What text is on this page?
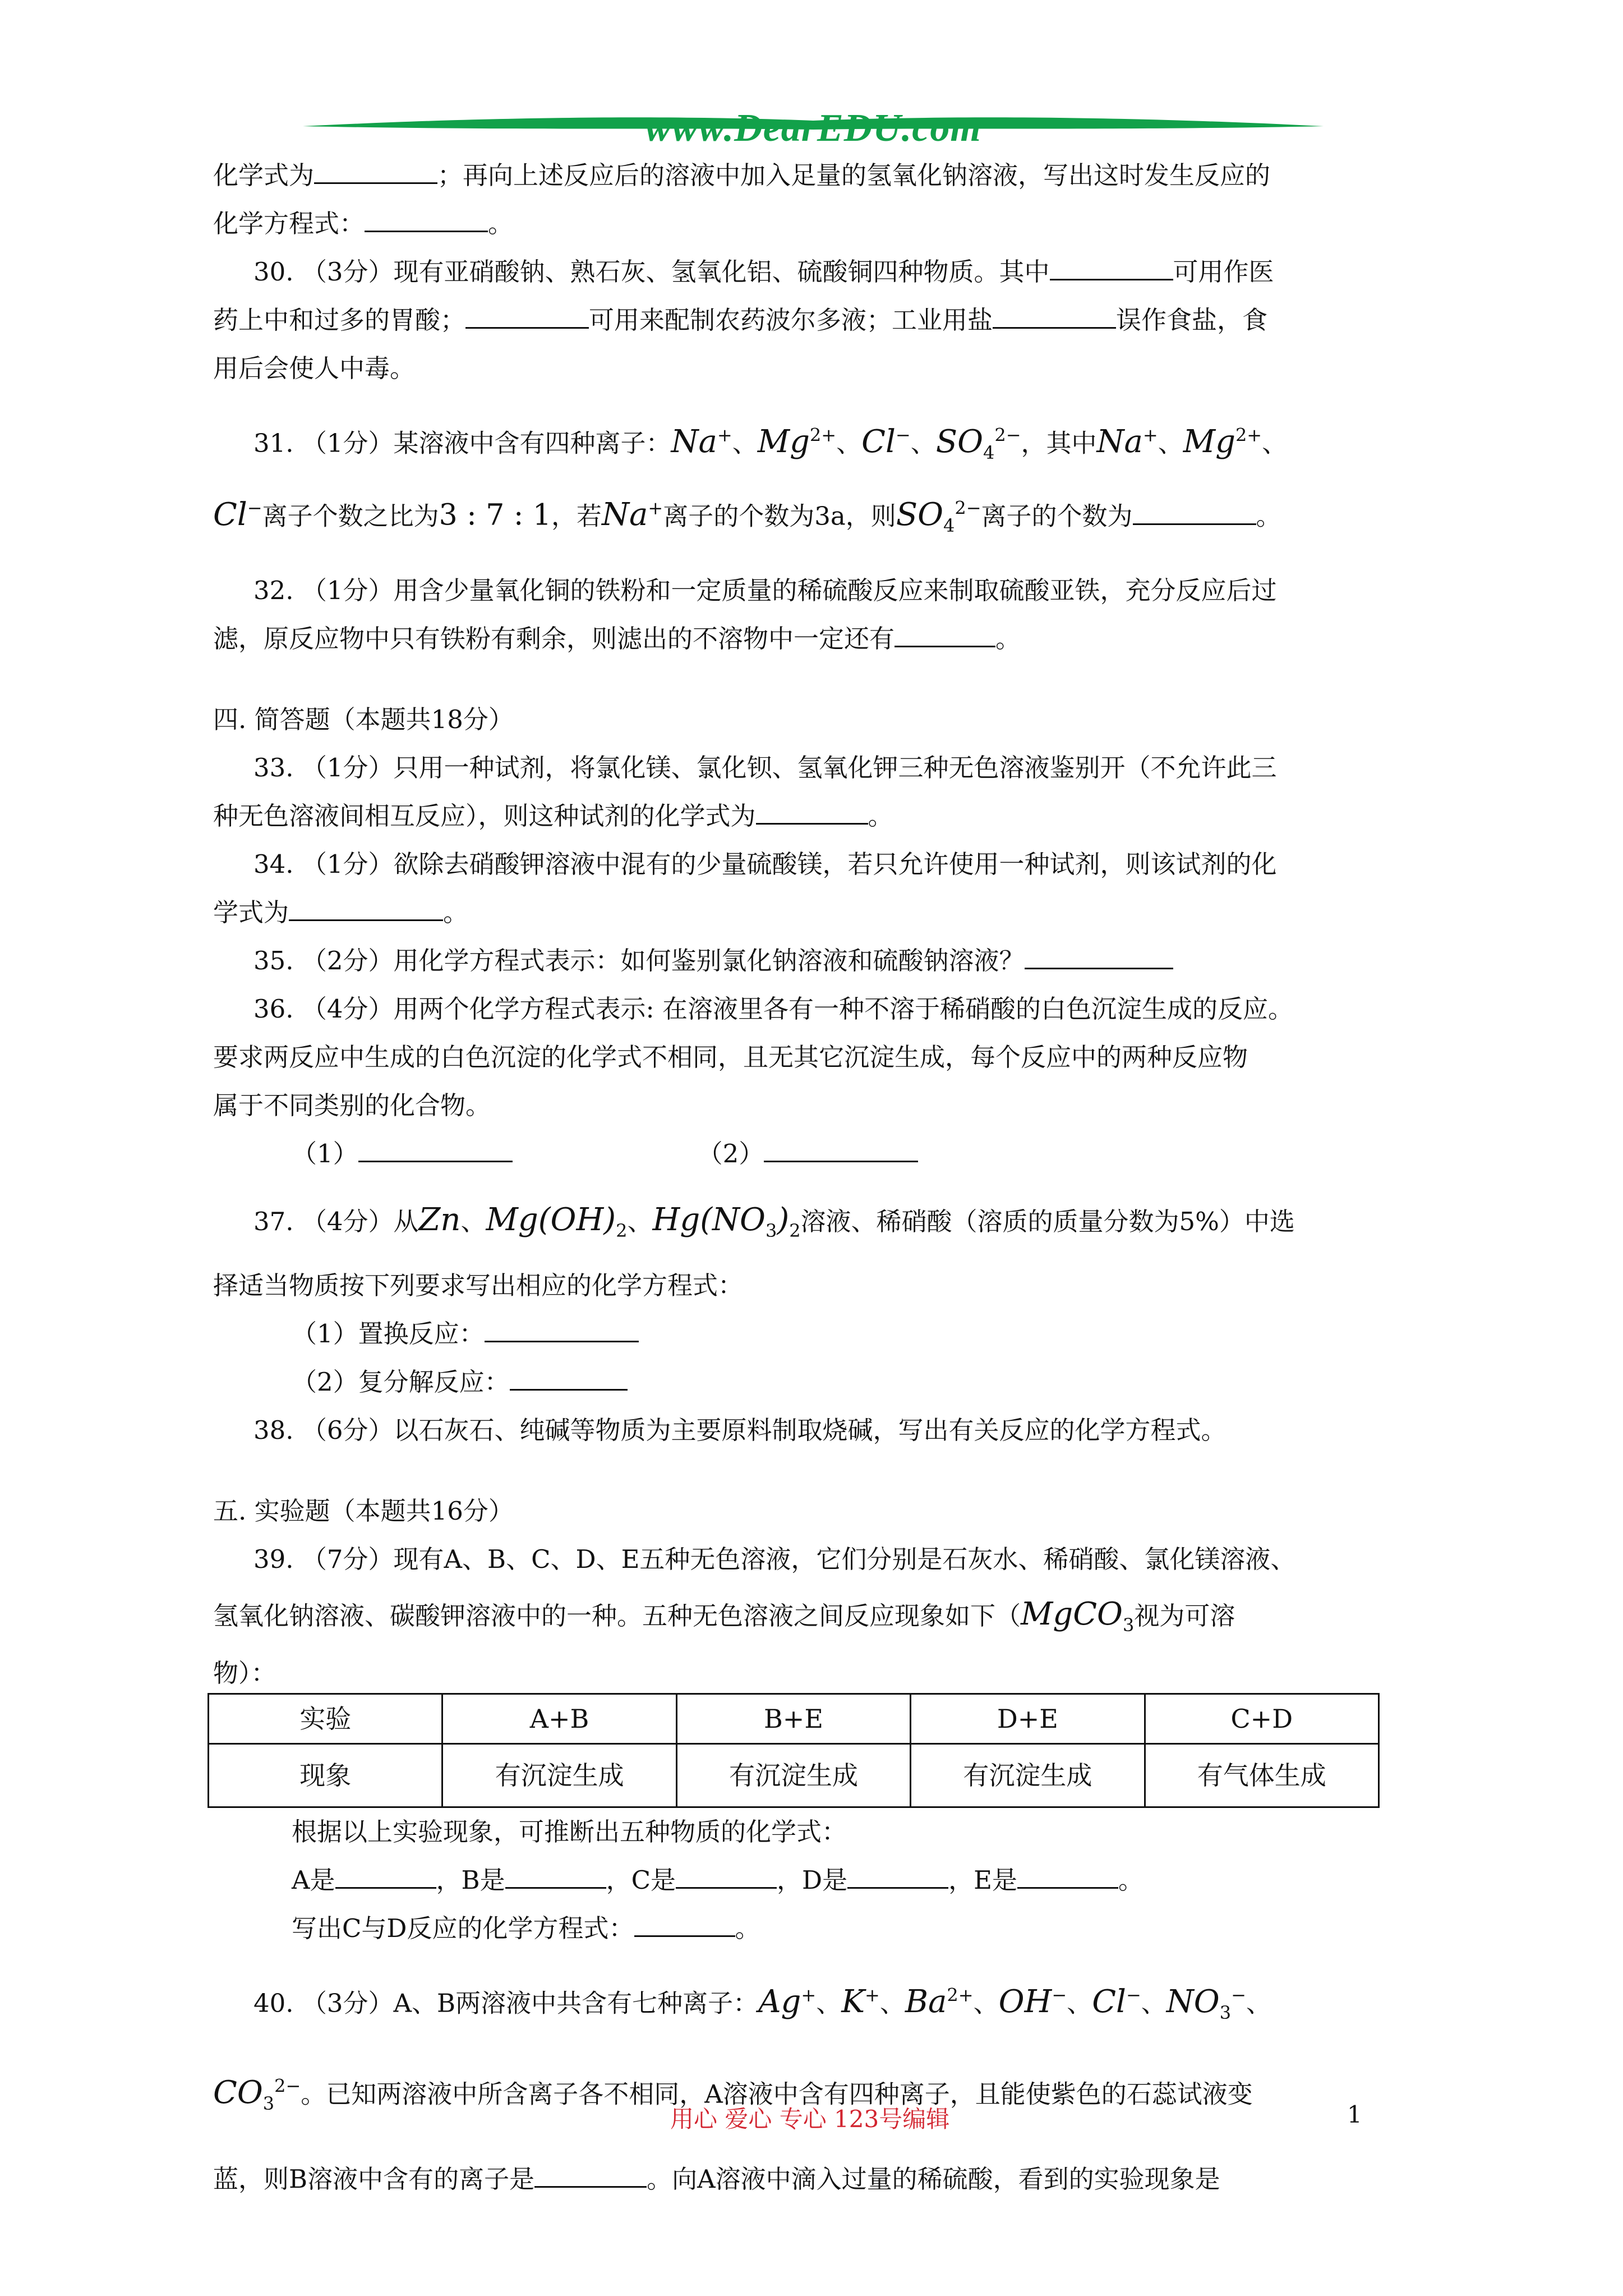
www.DearEDU.com

化学式为	；再向上述反应后的溶液中加入足量的氢氧化钠溶液，写出这时发生反应的

化学方程式：	。

30. （3分）现有亚硝酸钠、熟石灰、氢氧化铝、硫酸铜四种物质。其中	可用作医

药上中和过多的胃酸；	可用来配制农药波尔多液；工业用盐	误作食盐，食

用后会使人中毒。

31. （1分）某溶液中含有四种离子：Na+、$Mg^{2+}$、Cl−、$SO_4^{2-}$，其中Na+、$Mg^{2+}$、

Cl−离子个数之比为3 : 7 : 1，若Na+离子的个数为3a，则$SO_4^{2-}$离子的个数为	。

32. （1分）用含少量氧化铜的铁粉和一定质量的稀硫酸反应来制取硫酸亚铁，充分反应后过

滤，原反应物中只有铁粉有剩余，则滤出的不溶物中一定还有	。

四. 简答题（本题共18分）

33. （1分）只用一种试剂，将氯化镁、氯化钡、氢氧化钾三种无色溶液鉴别开（不允许此三

种无色溶液间相互反应），则这种试剂的化学式为	。

34. （1分）欲除去硝酸钾溶液中混有的少量硫酸镁，若只允许使用一种试剂，则该试剂的化

学式为	。

35. （2分）用化学方程式表示：如何鉴别氯化钠溶液和硫酸钠溶液？

36. （4分）用两个化学方程式表示: 在溶液里各有一种不溶于稀硝酸的白色沉淀生成的反应。

要求两反应中生成的白色沉淀的化学式不相同，且无其它沉淀生成，每个反应中的两种反应物

属于不同类别的化合物。

（1）	（2）

37. （4分）从Zn、$Mg(OH)_2$、$Hg(NO_3)_2$溶液、稀硝酸（溶质的质量分数为5%）中选

择适当物质按下列要求写出相应的化学方程式：

（1）置换反应：

（2）复分解反应：

38. （6分）以石灰石、纯碱等物质为主要原料制取烧碱，写出有关反应的化学方程式。

五. 实验题（本题共16分）

39. （7分）现有A、B、C、D、E五种无色溶液，它们分别是石灰水、稀硝酸、氯化镁溶液、

氢氧化钠溶液、碳酸钾溶液中的一种。五种无色溶液之间反应现象如下（MgCO$_3$视为可溶

物）：

实验	A+B	B+E	D+E	C+D
现象	有沉淀生成	有沉淀生成	有沉淀生成	有气体生成

根据以上实验现象，可推断出五种物质的化学式：

A是	，B是	，C是	，D是	，E是	。

写出C与D反应的化学方程式：	。

40. （3分）A、B两溶液中共含有七种离子：Ag+、K+、$Ba^{2+}$、OH−、Cl−、$NO_3^-$、

$CO_3^{2-}$。已知两溶液中所含离子各不相同，A溶液中含有四种离子，且能使紫色的石蕊试液变

蓝，则B溶液中含有的离子是	。向A溶液中滴入过量的稀硫酸，看到的实验现象是

用心 爱心 专心 123号编辑	1
